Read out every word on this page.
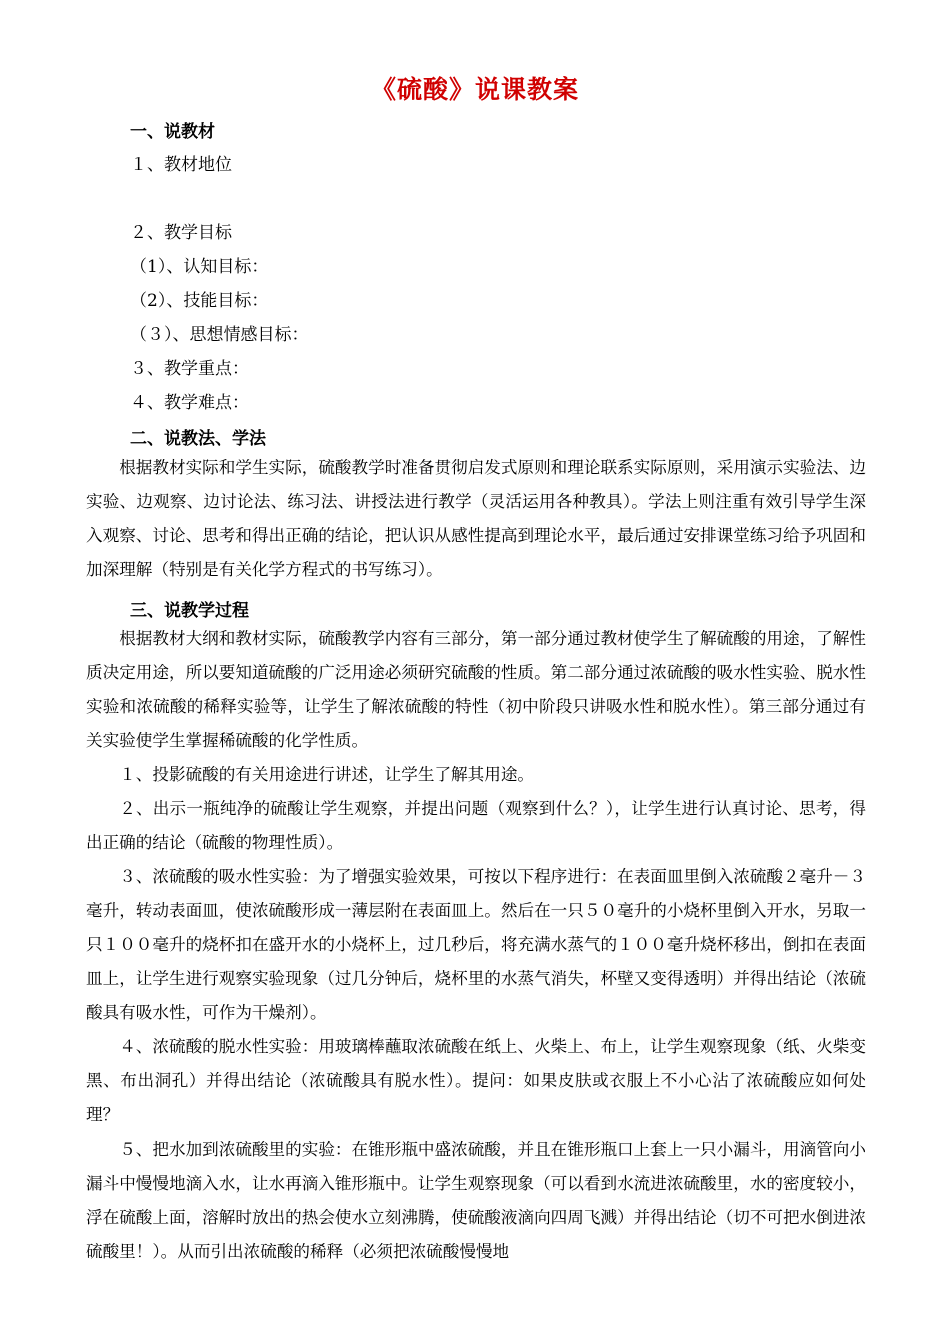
《硫酸》说课教案
一、说教材
１、教材地位
２、教学目标
（1）、认知目标：
（2）、技能目标：
（３）、思想情感目标：
３、教学重点：
４、教学难点：
二、说教法、学法
根据教材实际和学生实际，硫酸教学时准备贯彻启发式原则和理论联系实际原则，采用演示实验法、边实验、边观察、边讨论法、练习法、讲授法进行教学（灵活运用各种教具）。学法上则注重有效引导学生深入观察、讨论、思考和得出正确的结论，把认识从感性提高到理论水平，最后通过安排课堂练习给予巩固和加深理解（特别是有关化学方程式的书写练习）。
三、说教学过程
根据教材大纲和教材实际，硫酸教学内容有三部分，第一部分通过教材使学生了解硫酸的用途，了解性质决定用途，所以要知道硫酸的广泛用途必须研究硫酸的性质。第二部分通过浓硫酸的吸水性实验、脱水性实验和浓硫酸的稀释实验等，让学生了解浓硫酸的特性（初中阶段只讲吸水性和脱水性）。第三部分通过有关实验使学生掌握稀硫酸的化学性质。
１、投影硫酸的有关用途进行讲述，让学生了解其用途。
２、出示一瓶纯净的硫酸让学生观察，并提出问题（观察到什么？），让学生进行认真讨论、思考，得出正确的结论（硫酸的物理性质）。
３、浓硫酸的吸水性实验：为了增强实验效果，可按以下程序进行：在表面皿里倒入浓硫酸２毫升－３毫升，转动表面皿，使浓硫酸形成一薄层附在表面皿上。然后在一只５０毫升的小烧杯里倒入开水，另取一只１００毫升的烧杯扣在盛开水的小烧杯上，过几秒后，将充满水蒸气的１００毫升烧杯移出，倒扣在表面皿上，让学生进行观察实验现象（过几分钟后，烧杯里的水蒸气消失，杯壁又变得透明）并得出结论（浓硫酸具有吸水性，可作为干燥剂）。
４、浓硫酸的脱水性实验：用玻璃棒蘸取浓硫酸在纸上、火柴上、布上，让学生观察现象（纸、火柴变黑、布出洞孔）并得出结论（浓硫酸具有脱水性）。提问：如果皮肤或衣服上不小心沾了浓硫酸应如何处理？
５、把水加到浓硫酸里的实验：在锥形瓶中盛浓硫酸，并且在锥形瓶口上套上一只小漏斗，用滴管向小漏斗中慢慢地滴入水，让水再滴入锥形瓶中。让学生观察现象（可以看到水流进浓硫酸里，水的密度较小，浮在硫酸上面，溶解时放出的热会使水立刻沸腾，使硫酸液滴向四周飞溅）并得出结论（切不可把水倒进浓硫酸里！）。从而引出浓硫酸的稀释（必须把浓硫酸慢慢地
